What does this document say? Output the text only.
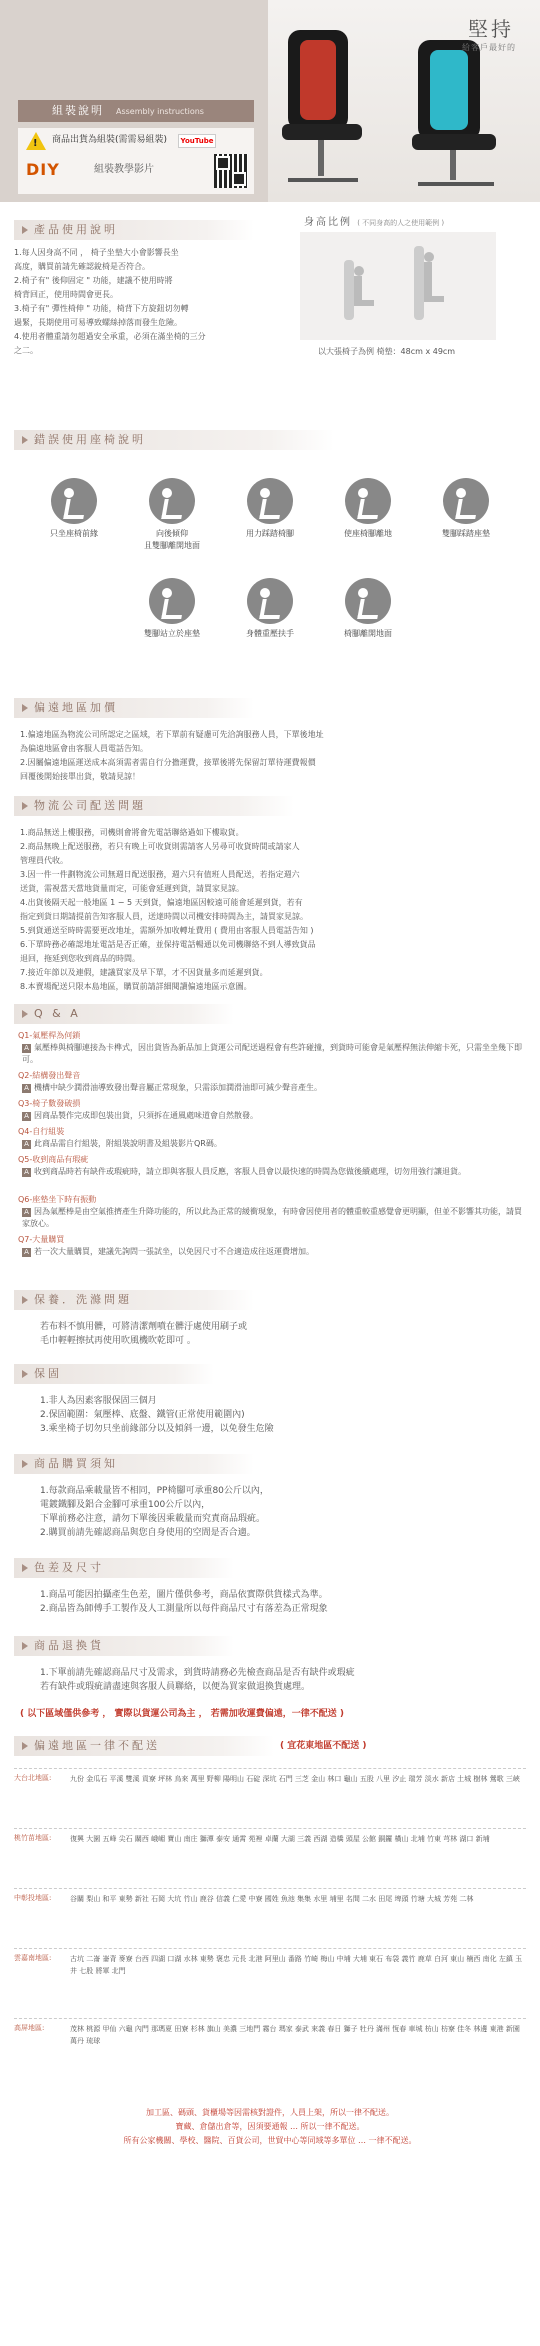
堅持
給客戶最好的
組裝說明 Assembly instructions
! 商品出貨為組裝(需需易組裝)	YouTube
DIY	組裝教學影片
產品使用說明

1.每人因身高不同 ， 椅子坐墊大小會影響長坐

高度，購買前請先確認銳椅是否符合。

2.椅子有" 後仰固定 " 功能，建議不使用時將

椅背回正，使用時間會更長。

3.椅子有" 彈性椅伸 " 功能，椅背下方旋鈕切勿轉

過緊，長期使用可易導致螺絲掉落而發生危險。

4.使用者體重請勿超過安全承重，必須在滿坐椅的三分

之二。

身高比例 ( 不同身高的人之使用範例 )
以大張椅子為例 椅墊：48cm x 49cm
錯誤使用座椅說明
只坐座椅前緣	向後傾仰
且雙腳離開地面
用力踩踏椅腳	使座椅腳離地	雙腳踩踏座墊
雙腳站立於座墊	身體重壓扶手	椅腳離開地面
偏遠地區加價

1.偏遠地區為物流公司所認定之區域，若下單前有疑慮可先洽詢服務人員，下單後地址

為偏遠地區會由客服人員電話告知。

2.因屬偏遠地區運送成本高須需者需自行分擔運費，接單後將先保留訂單待運費報價

回覆後開始接單出貨，敬請見諒！

物流公司配送問題

1.商品無送上樓服務，司機則會將會先電話聯絡過如下樓取貨。

2.商品無晚上配送服務，若只有晚上可收貨則需請客人另尋可收貨時間或請家人

管理員代收。

3.因一件一件劃物流公司無週日配送服務，週六只有值班人員配送，若指定週六

送貨，需視當天當地貨量而定，可能會延遲到貨，請買家見諒。

4.出貨後隔天起一般地區 1 − 5 天到貨，偏遠地區因較遠可能會延遲到貨，若有

指定到貨日期請提前告知客服人員，送達時間以司機安排時間為主，請買家見諒。

5.到貨通送至時時需要更改地址，需額外加收轉址費用 ( 費用由客服人員電話告知 )

6.下單時務必確認地址電話是否正確，並保持電話暢通以免司機聯絡不到人導致貨品

退回，拖延到您收到商品的時間。

7.接近年節以及連假，建議買家及早下單，才不因貨量多而延遲到貨。

8.本賣場配送只限本島地區，購買前請詳細閱讀偏遠地區示意圖。

Q & A
Q1-氣壓桿為何鎖
A 氣壓棒與椅腳連接為卡榫式，因出貨皆為新品加上貨運公司配送過程會有些許碰撞，到貨時可能會是氣壓桿無法伸縮卡死，只需坐坐幾下即可。
Q2-結構發出聲音
A 機構中缺少潤滑油導致發出聲音屬正常現象，只需添加潤滑油即可減少聲音產生。
Q3-椅子數發破損
A 因商品製作完成即包裝出貨，只須拆在通風處味道會自然散發。
Q4-自行組裝
A 此商品需自行組裝，附組裝說明書及組裝影片QR碼。
Q5-收到商品有瑕疵
A 收到商品時若有缺件或瑕疵時，請立即與客服人員反應，客服人員會以最快速的時間為您做後續處理，切勿用強行讓退貨。
Q6-座墊坐下時有振動
A 因為氣壓棒是由空氣推擠產生升降功能的，所以此為正常的緩衝現象，有時會因使用者的體重較重感覺會更明顯，但並不影響其功能，請買家放心。
Q7-大量購買
A 若一次大量購買，建議先詢問一張試坐，以免因尺寸不合適造成往返運費增加。
保養．洗滌問題

若布料不慎用髒，可將清潔劑噴在髒汙處使用刷子或

毛巾輕輕擦拭再使用吹風機吹乾即可 。

保固

1.非人為因素客服保固三個月

2.保固範圍：氣壓棒、底盤、鐵管(正常使用範圍內)

3.乘坐椅子切勿只坐前緣部分以及傾斜一邊，以免發生危險

商品購買須知

1.每款商品乘載量皆不相同，PP椅腳可承重80公斤以內，

電鍍鐵腳及鋁合金腳可承重100公斤以內，

下單前務必注意，請勿下單後因乘載量而究責商品瑕疵。

2.購買前請先確認商品與您自身使用的空間是否合適。

色差及尺寸

1.商品可能因拍攝產生色差，圖片僅供參考，商品依實際供貨樣式為準。

2.商品皆為師傅手工製作及人工測量所以每件商品尺寸有落差為正常現象

商品退換貨

1.下單前請先確認商品尺寸及需求，到貨時請務必先檢查商品是否有缺件或瑕疵

若有缺件或瑕疵請盡速與客服人員聯絡，以便為買家做退換貨處理。

( 以下區域僅供參考 ， 實際以貨運公司為主 ， 若需加收運費偏遠，一律不配送 )
偏遠地區一律不配送	( 宜花東地區不配送 )
大台北地區:	九份 金瓜石 平溪 雙溪 貢寮 坪林 烏來 萬里 野柳 陽明山 石碇 深坑 石門 三芝 金山 林口 龜山 五股 八里 汐止 瑞芳 淡水 新店 土城 樹林 鶯歌 三峽
桃竹苗地區:	復興 大園 五峰 尖石 關西 峨嵋 寶山 南庄 獅潭 泰安 通霄 苑裡 卓蘭 大湖 三義 西湖 造橋 頭屋 公館 銅鑼 橫山 北埔 竹東 芎林 湖口 新埔
中彰投地區:	谷關 梨山 和平 東勢 新社 石岡 大坑 竹山 鹿谷 信義 仁愛 中寮 國姓 魚池 集集 水里 埔里 名間 二水 田尾 埤頭 竹塘 大城 芳苑 二林
雲嘉南地區:	古坑 二崙 崙背 麥寮 台西 四湖 口湖 水林 東勢 褒忠 元長 北港 阿里山 番路 竹崎 梅山 中埔 大埔 東石 布袋 義竹 鹿草 白河 東山 楠西 南化 左鎮 玉井 七股 將軍 北門
高屏地區:	茂林 桃源 甲仙 六龜 內門 那瑪夏 田寮 杉林 旗山 美濃 三地門 霧台 瑪家 泰武 來義 春日 獅子 牡丹 滿州 恆春 車城 枋山 枋寮 佳冬 林邊 東港 新園 萬丹 琉球

加工區、碼頭、貨櫃場等因需核對證件，人員上架，所以一律不配送。

寶藏、倉儲出倉等，因須要通報 … 所以一律不配送。

所有公家機關、學校、醫院、百貨公司，世貿中心等同域等多單位 … 一律不配送。
